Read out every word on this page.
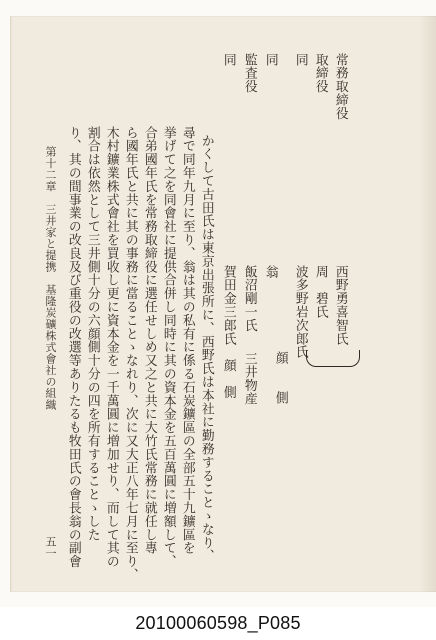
常務取締役
西野勇喜智氏
取締役
周　碧氏
同
波多野岩次郎氏
顔　　側
同
翁
監査役
飯沼剛一氏
三井物産
同
賀田金三郎氏　顔　側
かくして古田氏は東京出張所に、西野氏は本社に勤務することゝなり、
尋で同年九月に至り、翁は其の私有に係る石炭鑛區の全部五十九鑛區を
挙げて之を同會社に提供合併し同時に其の資本金を五百萬圓に増額して、
合弟國年氏を常務取締役に選任せしめ又之と共に大竹氏常務に就任し專
ら國年氏と共に其の事務に當ることゝなれり、次に又大正八年七月に至り、
木村鑛業株式會社を買收し更に資本金を一千萬圓に増加せり、而して其の
割合は依然として三井側十分の六顔側十分の四を所有することゝした
り、其の間事業の改良及び重役の改選等ありたるも牧田氏の會長翁の副會
第十二章　三井家と提携　基隆炭礦株式會社の組織
五一
20100060598_P085
